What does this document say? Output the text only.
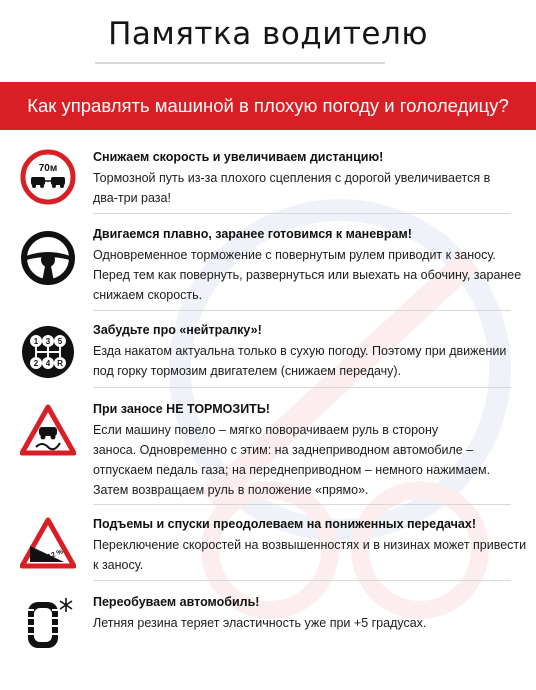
Памятка водителю
Как управлять машиной в плохую погоду и гололедицу?
70м
Снижаем скорость и увеличиваем дистанцию!
Тормозной путь из-за плохого сцепления с дорогой увеличивается в
два-три раза!
Двигаемся плавно, заранее готовимся к маневрам!
Одновременное торможение с повернутым рулем приводит к заносу.
Перед тем как повернуть, развернуться или выехать на обочину, заранее
снижаем скорость.
1 3 5
2 4 R
Забудьте про «нейтралку»!
Езда накатом актуальна только в сухую погоду. Поэтому при движении
под горку тормозим двигателем (снижаем передачу).
При заносе НЕ ТОРМОЗИТЬ!
Если машину повело – мягко поворачиваем руль в сторону
заноса. Одновременно с этим: на заднеприводном автомобиле –
отпускаем педаль газа; на переднеприводном – немного нажимаем.
Затем возвращаем руль в положение «прямо».
12 %
Подъемы и спуски преодолеваем на пониженных передачах!
Переключение скоростей на возвышенностях и в низинах может привести
к заносу.
Переобуваем автомобиль!
Летняя резина теряет эластичность уже при +5 градусах.
